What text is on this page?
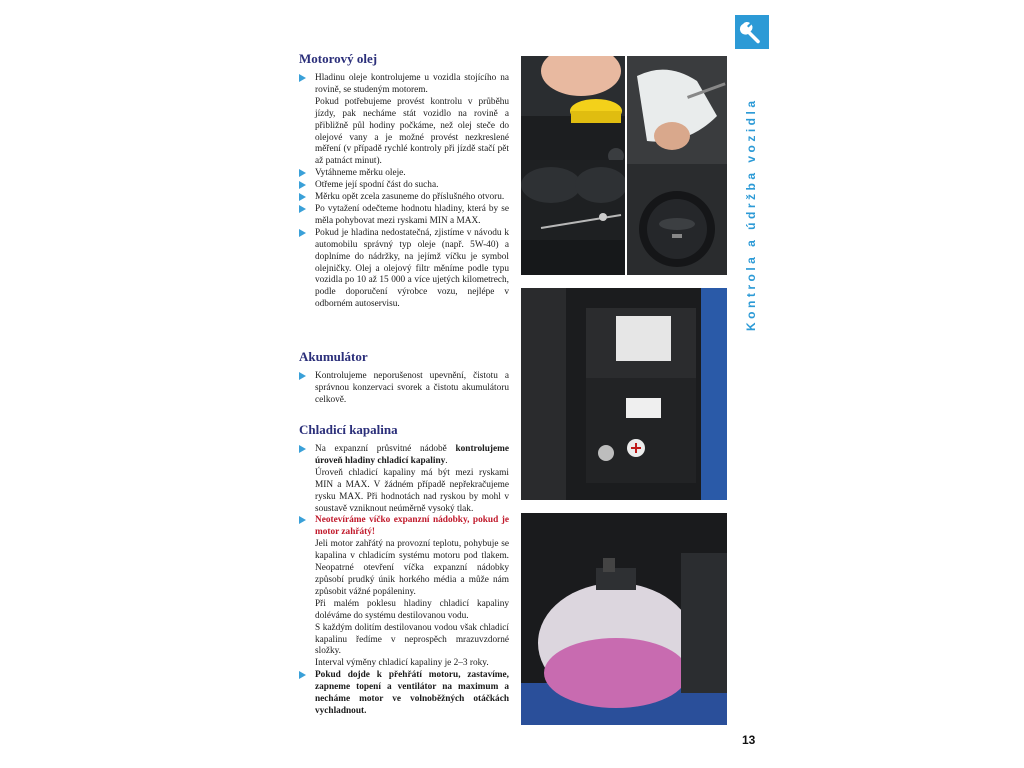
Kontrola a údržba vozidla
Motorový olej

Hladinu oleje kontrolujeme u vozidla stojícího na rovině, se studeným motorem.

Pokud potřebujeme provést kontrolu v průběhu jízdy, pak necháme stát vozidlo na rovině a přibližně půl hodiny počkáme, než olej steče do olejové vany a je možné provést nezkreslené měření (v případě rychlé kontroly při jízdě stačí pět až patnáct minut).

Vytáhneme měrku oleje.

Otřeme její spodní část do sucha.

Měrku opět zcela zasuneme do příslušného otvoru.

Po vytažení odečteme hodnotu hladiny, která by se měla pohybovat mezi ryskami MIN a MAX.

Pokud je hladina nedostatečná, zjistíme v návodu k automobilu správný typ oleje (např. 5W-40) a doplníme do nádržky, na jejímž víčku je symbol olejničky. Olej a olejový filtr měníme podle typu vozidla po 10 až 15 000 a více ujetých kilometrech, podle doporučení výrobce vozu, nejlépe v odborném autoservisu.

Akumulátor

Kontrolujeme neporušenost upevnění, čistotu a správnou konzervaci svorek a čistotu akumulátoru celkově.

Chladicí kapalina

Na expanzní průsvitné nádobě kontrolujeme úroveň hladiny chladicí kapaliny.

Úroveň chladicí kapaliny má být mezi ryskami MIN a MAX. V žádném případě nepřekračujeme rysku MAX. Při hodnotách nad ryskou by mohl v soustavě vzniknout neúměrně vysoký tlak.

Neotevíráme víčko expanzní nádobky, pokud je motor zahřátý!

Jeli motor zahřátý na provozní teplotu, pohybuje se kapalina v chladicím systému motoru pod tlakem. Neopatrné otevření víčka expanzní nádobky způsobí prudký únik horkého média a může nám způsobit vážné popáleniny.

Při malém poklesu hladiny chladicí kapaliny doléváme do systému destilovanou vodu.

S každým dolitím destilovanou vodou však chladicí kapalinu ředíme v neprospěch mrazuvzdorné složky.

Interval výměny chladicí kapaliny je 2–3 roky.

Pokud dojde k přehřátí motoru, zastavíme, zapneme topení a ventilátor na maximum a necháme motor ve volnoběžných otáčkách vychladnout.

13
